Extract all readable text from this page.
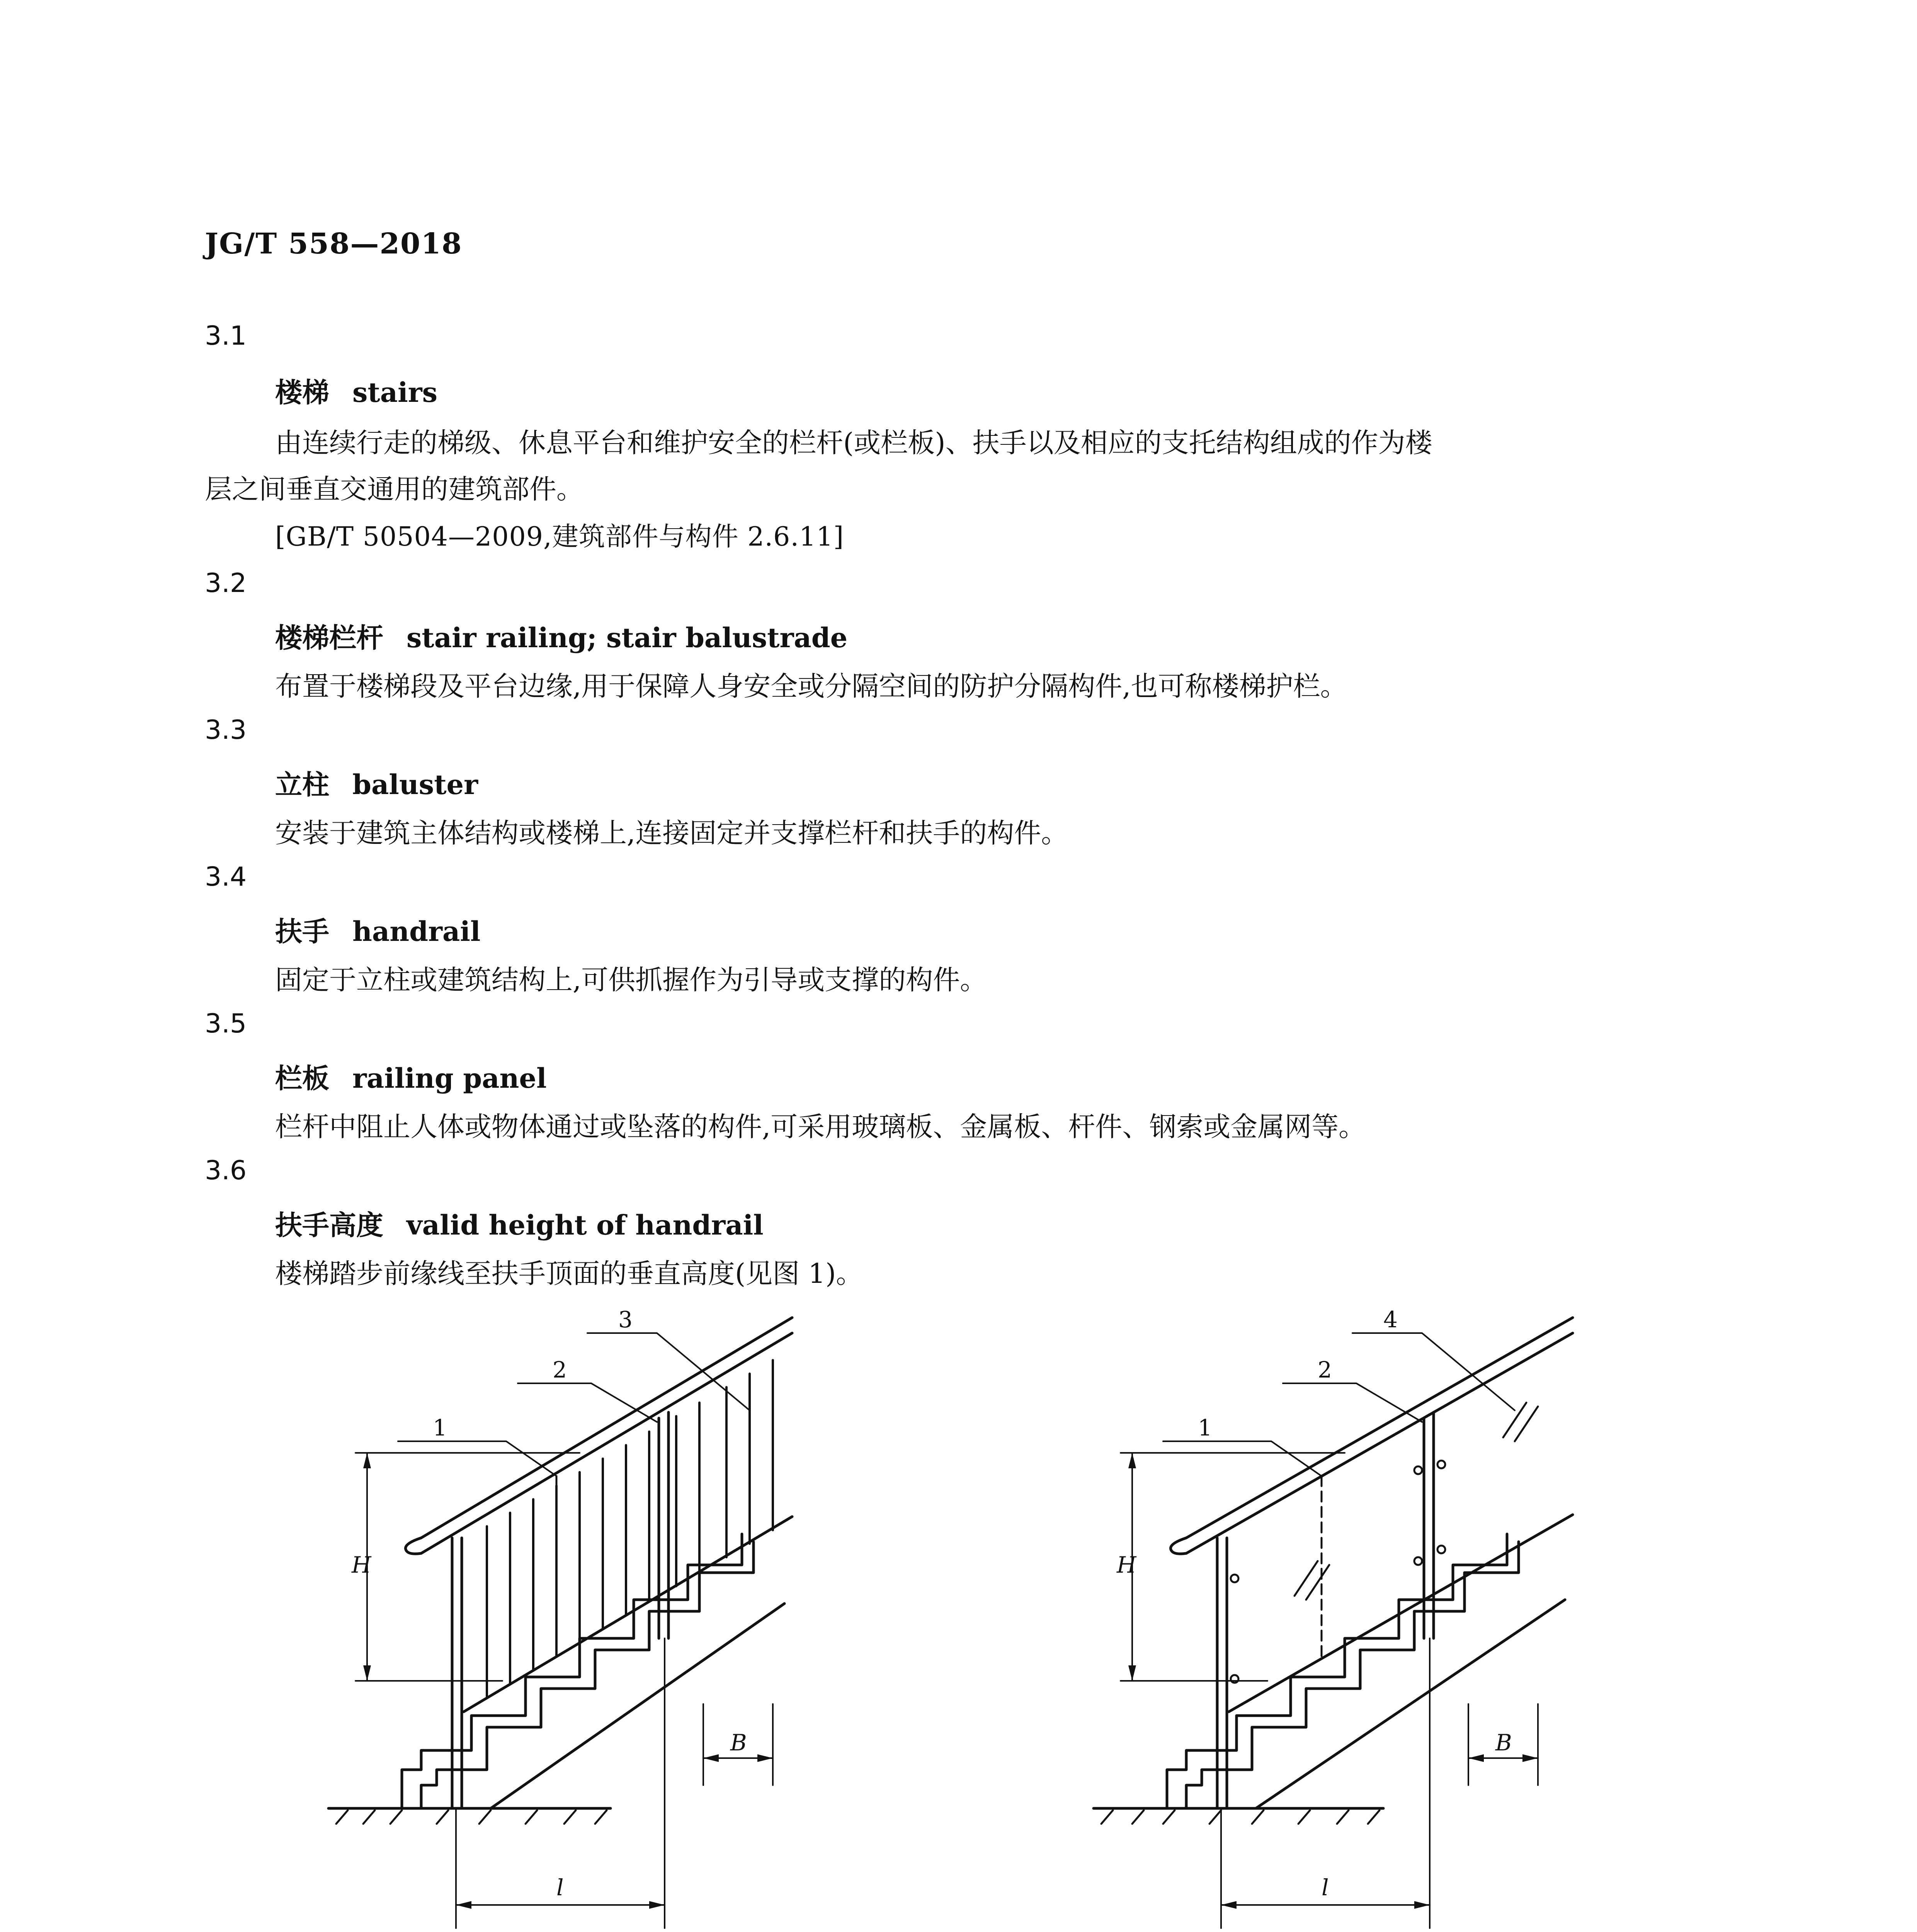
JG/T 558—2018
3.1
楼梯 stairs
由连续行走的梯级、休息平台和维护安全的栏杆(或栏板)、扶手以及相应的支托结构组成的作为楼
层之间垂直交通用的建筑部件。
[GB/T 50504—2009,建筑部件与构件 2.6.11]
3.2
楼梯栏杆 stair railing; stair balustrade
布置于楼梯段及平台边缘,用于保障人身安全或分隔空间的防护分隔构件,也可称楼梯护栏。
3.3
立柱 baluster
安装于建筑主体结构或楼梯上,连接固定并支撑栏杆和扶手的构件。
3.4
扶手 handrail
固定于立柱或建筑结构上,可供抓握作为引导或支撑的构件。
3.5
栏板 railing panel
栏杆中阻止人体或物体通过或坠落的构件,可采用玻璃板、金属板、杆件、钢索或金属网等。
3.6
扶手高度 valid height of handrail
楼梯踏步前缘线至扶手顶面的垂直高度(见图 1)。
1
2
3
H
B
l
1
2
4
H
B
l
